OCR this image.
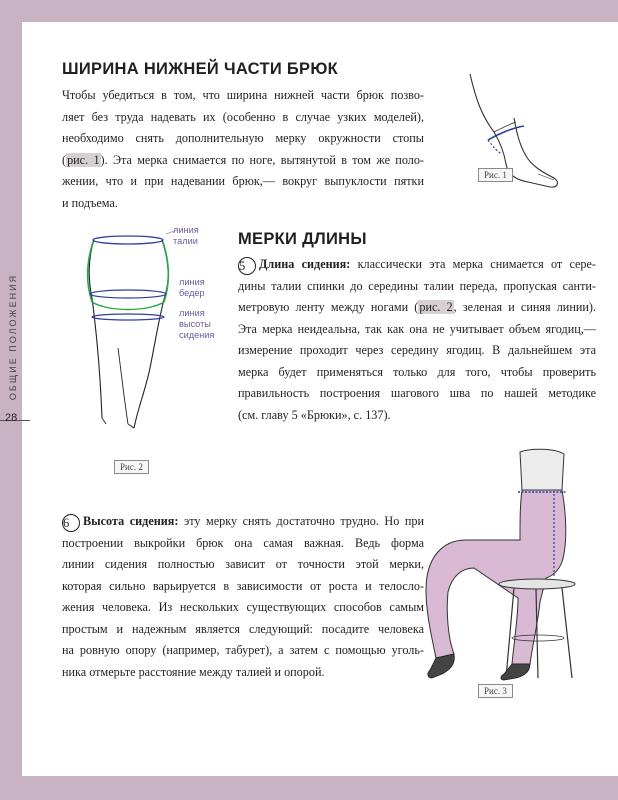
ОБЩИЕ ПОЛОЖЕНИЯ
28
ШИРИНА НИЖНЕЙ ЧАСТИ БРЮК
Чтобы убедиться в том, что ширина нижней части брюк позво-
ляет без труда надевать их (особенно в случае узких моделей),
необходимо снять дополнительную мерку окружности стопы
(рис. 1). Эта мерка снимается по ноге, вытянутой в том же поло-
жении, что и при надевании брюк,— вокруг выпуклости пятки
и подъема.
Рис. 1
линия
талии
линия
бедер
линия
высоты
сидения
Рис. 2
МЕРКИ ДЛИНЫ
5 Длина сидения: классически эта мерка снимается от сере-
дины талии спинки до середины талии переда, пропуская санти-
метровую ленту между ногами (рис. 2, зеленая и синяя линии).
Эта мерка неидеальна, так как она не учитывает объем ягодиц,—
измерение проходит через середину ягодиц. В дальнейшем эта
мерка будет применяться только для того, чтобы проверить
правильность построения шагового шва по нашей методике
(см. главу 5 «Брюки», с. 137).
6 Высота сидения: эту мерку снять достаточно трудно. Но при
построении выкройки брюк она самая важная. Ведь форма
линии сидения полностью зависит от точности этой мерки,
которая сильно варьируется в зависимости от роста и телосло-
жения человека. Из нескольких существующих способов самым
простым и надежным является следующий: посадите человека
на ровную опору (например, табурет), а затем с помощью уголь-
ника отмерьте расстояние между талией и опорой.
Рис. 3
